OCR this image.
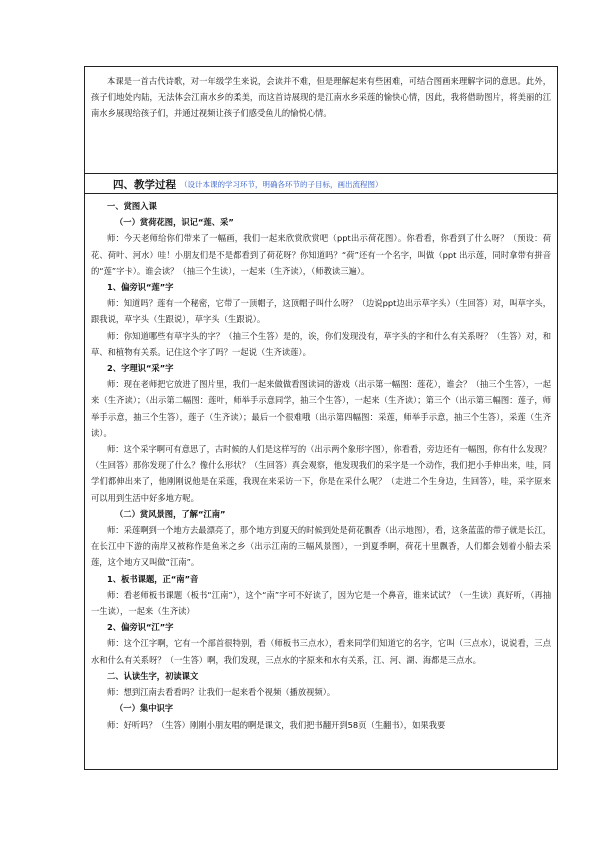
本课是一首古代诗歌，对一年级学生来说，会读并不难，但是理解起来有些困难，可结合图画来理解字词的意思。此外，孩子们地处内陆，无法体会江南水乡的柔美，而这首诗展现的是江南水乡采莲的愉快心情，因此，我将借助图片，将美丽的江南水乡展现给孩子们，并通过视频让孩子们感受鱼儿的愉悦心情。

四、教学过程 （设计本课的学习环节，明确各环节的子目标，画出流程图）

一、赏图入课

（一）赏荷花图，识记“莲、采”

师：今天老师给你们带来了一幅画，我们一起来欣赏欣赏吧（ppt出示荷花图）。你看看，你看到了什么呀？（预设：荷花、荷叶、河水）哇！小朋友们是不是都看到了荷花呀？你知道吗？“荷”还有一个名字，叫做（ppt 出示莲，同时拿带有拼音的“莲”字卡）。谁会读？（抽三个生读），一起来（生齐读），（师教读三遍）。

1、偏旁识“莲”字

师：知道吗？莲有一个秘密，它带了一顶帽子，这顶帽子叫什么呀？（边说ppt边出示草字头）（生回答）对，叫草字头，跟我说，草字头（生跟说），草字头（生跟说）。

师：你知道哪些有草字头的字？（抽三个生答）是的，诶，你们发现没有，草字头的字和什么有关系呀？（生答）对，和草、和植物有关系。记住这个字了吗？一起说（生齐读莲）。

2、字理识“采”字

师：现在老师把它放进了图片里，我们一起来做做看图读词的游戏（出示第一幅图：莲花），谁会？（抽三个生答），一起来（生齐读）；（出示第二幅图：莲叶，师举手示意同学，抽三个生答），一起来（生齐读）；第三个（出示第三幅图：莲子，师举手示意，抽三个生答），莲子（生齐读）；最后一个很难哦（出示第四幅图：采莲，师举手示意，抽三个生答），采莲（生齐读）。

师：这个采字啊可有意思了，古时候的人们是这样写的（出示两个象形字图），你看看，旁边还有一幅图，你有什么发现？（生回答）那你发现了什么？像什么形状？（生回答）真会观察，他发现我们的采字是一个动作，我们把小手伸出来，哇，同学们都伸出来了，他刚刚说他是在采莲，我现在来采访一下，你是在采什么呢？（走进二个生身边，生回答），哇，采字原来可以用到生活中好多地方呢。

（二）赏风景图，了解“江南”

师：采莲啊到一个地方去最漂亮了，那个地方到夏天的时候到处是荷花飘香（出示地图），看，这条蓝蓝的带子就是长江，在长江中下游的南岸又被称作是鱼米之乡（出示江南的三幅风景图），一到夏季啊，荷花十里飘香，人们都会划着小船去采莲，这个地方又叫做“江南”。

1、板书课题，正“南”音

师：看老师板书课题（板书“江南”），这个“南”字可不好读了，因为它是一个鼻音，谁来试试？（一生读）真好听，（再抽一生读），一起来（生齐读）

2、偏旁识“江”字

师：这个江字啊，它有一个部首很特别，看（师板书三点水），看来同学们知道它的名字，它叫（三点水），说说看，三点水和什么有关系呀？（一生答）啊，我们发现，三点水的字原来和水有关系，江、河、湖、海都是三点水。

二、认读生字，初读课文

师：想到江南去看看吗？让我们一起来看个视频（播放视频）。

（一）集中识字

师：好听吗？（生答）刚刚小朋友唱的啊是课文，我们把书翻开到58页（生翻书），如果我要
